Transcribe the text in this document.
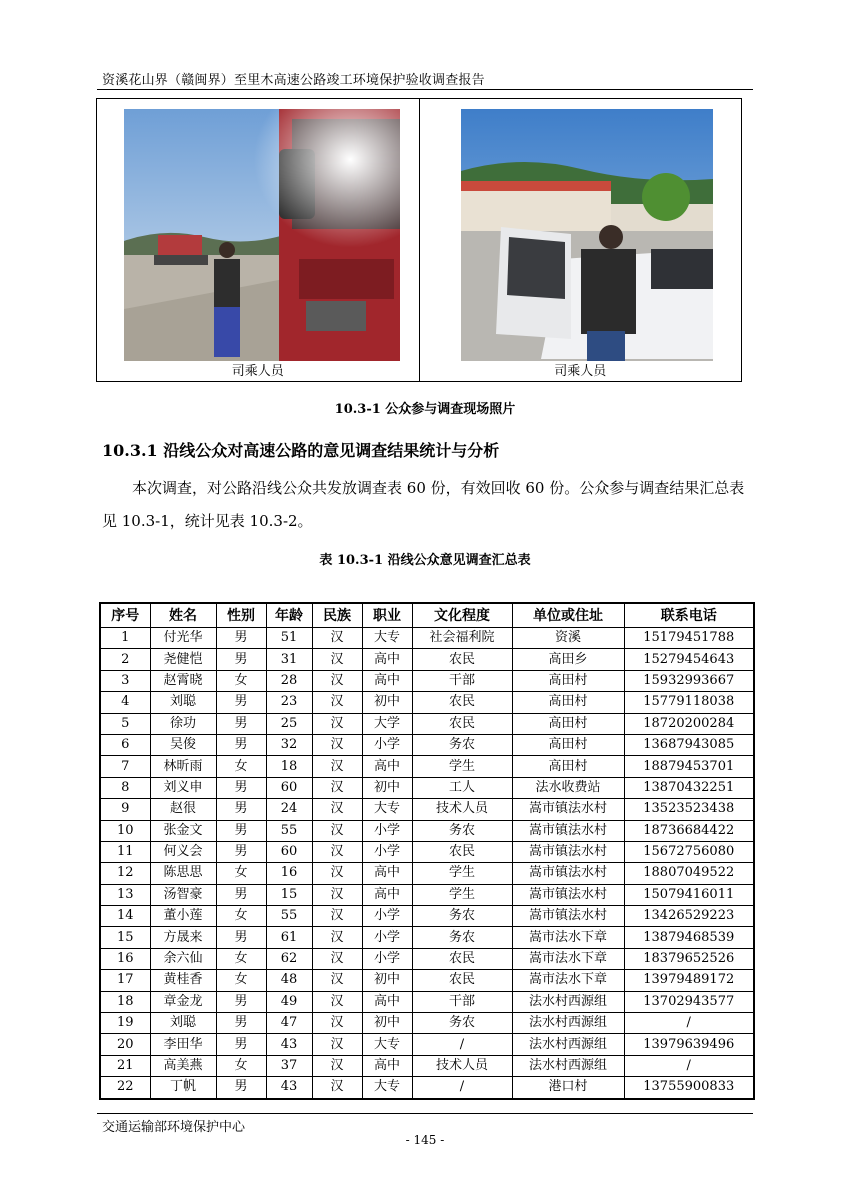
资溪花山界（赣闽界）至里木高速公路竣工环境保护验收调查报告
司乘人员	司乘人员
10.3-1 公众参与调查现场照片
10.3.1 沿线公众对高速公路的意见调查结果统计与分析
本次调查，对公路沿线公众共发放调查表 60 份，有效回收 60 份。公众参与调查结果汇总表见 10.3-1，统计见表 10.3-2。
表 10.3-1 沿线公众意见调查汇总表
序号	姓名	性别	年龄	民族	职业	文化程度	单位或住址	联系电话
1	付光华	男	51	汉	大专	社会福利院	资溪	15179451788
2	尧健恺	男	31	汉	高中	农民	高田乡	15279454643
3	赵霄晓	女	28	汉	高中	干部	高田村	15932993667
4	刘聪	男	23	汉	初中	农民	高田村	15779118038
5	徐功	男	25	汉	大学	农民	高田村	18720200284
6	吴俊	男	32	汉	小学	务农	高田村	13687943085
7	林昕雨	女	18	汉	高中	学生	高田村	18879453701
8	刘义申	男	60	汉	初中	工人	法水收费站	13870432251
9	赵很	男	24	汉	大专	技术人员	嵩市镇法水村	13523523438
10	张金文	男	55	汉	小学	务农	嵩市镇法水村	18736684422
11	何义会	男	60	汉	小学	农民	嵩市镇法水村	15672756080
12	陈思思	女	16	汉	高中	学生	嵩市镇法水村	18807049522
13	汤智豪	男	15	汉	高中	学生	嵩市镇法水村	15079416011
14	董小莲	女	55	汉	小学	务农	嵩市镇法水村	13426529223
15	方晟来	男	61	汉	小学	务农	嵩市法水下章	13879468539
16	余六仙	女	62	汉	小学	农民	嵩市法水下章	18379652526
17	黄桂香	女	48	汉	初中	农民	嵩市法水下章	13979489172
18	章金龙	男	49	汉	高中	干部	法水村西源组	13702943577
19	刘聪	男	47	汉	初中	务农	法水村西源组	/
20	李田华	男	43	汉	大专	/	法水村西源组	13979639496
21	高美燕	女	37	汉	高中	技术人员	法水村西源组	/
22	丁帆	男	43	汉	大专	/	港口村	13755900833
交通运输部环境保护中心
- 145 -
